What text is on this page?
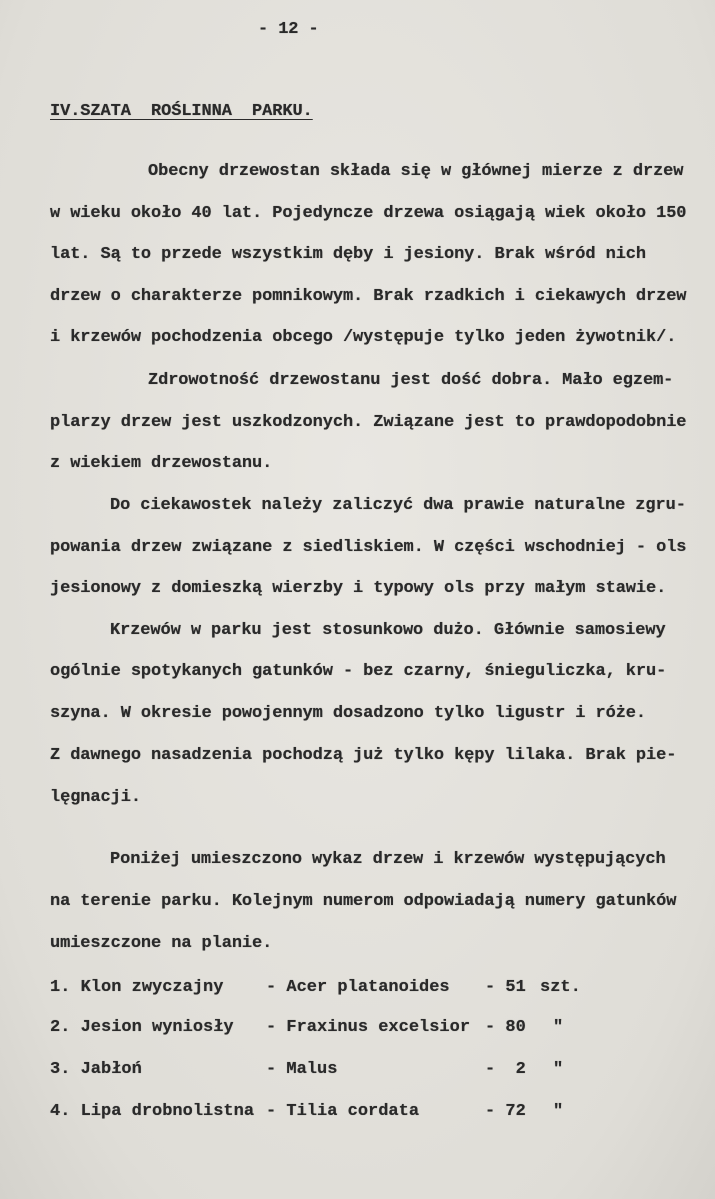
- 12 -
IV.SZATA  ROŚLINNA  PARKU.
Obecny drzewostan składa się w głównej mierze z drzew
w wieku około 40 lat. Pojedyncze drzewa osiągają wiek około 150
lat. Są to przede wszystkim dęby i jesiony. Brak wśród nich
drzew o charakterze pomnikowym. Brak rzadkich i ciekawych drzew
i krzewów pochodzenia obcego /występuje tylko jeden żywotnik/.
Zdrowotność drzewostanu jest dość dobra. Mało egzem-
plarzy drzew jest uszkodzonych. Związane jest to prawdopodobnie
z wiekiem drzewostanu.
Do ciekawostek należy zaliczyć dwa prawie naturalne zgru-
powania drzew związane z siedliskiem. W części wschodniej - ols
jesionowy z domieszką wierzby i typowy ols przy małym stawie.
Krzewów w parku jest stosunkowo dużo. Głównie samosiewy
ogólnie spotykanych gatunków - bez czarny, śnieguliczka, kru-
szyna. W okresie powojennym dosadzono tylko ligustr i róże.
Z dawnego nasadzenia pochodzą już tylko kępy lilaka. Brak pie-
lęgnacji.
Poniżej umieszczono wykaz drzew i krzewów występujących
na terenie parku. Kolejnym numerom odpowiadają numery gatunków
umieszczone na planie.
1. Klon zwyczajny	- Acer platanoides - 51 szt.
2. Jesion wyniosły - Fraxinus excelsior - 80 "
3. Jabłoń	- Malus	-  2 "
4. Lipa drobnolistna - Tilia cordata	- 72 "
